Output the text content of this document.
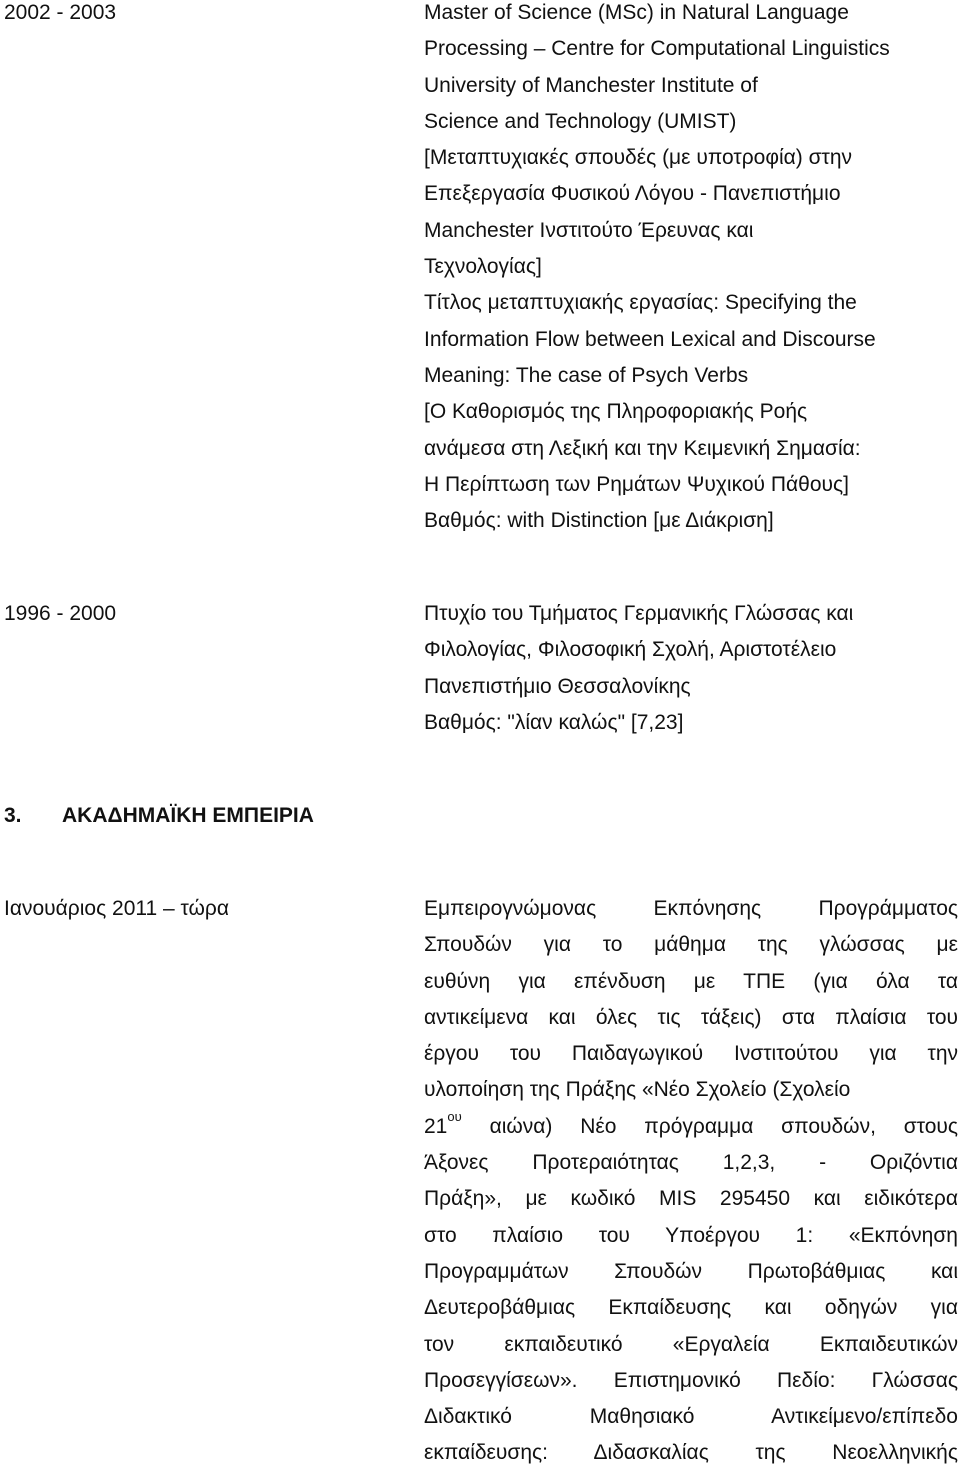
2002 - 2003	Master of Science (MSc) in Natural Language
Processing – Centre for Computational Linguistics
University of Manchester Institute of
Science and Technology (UMIST)
[Μεταπτυχιακές σπουδές (με υποτροφία) στην
Επεξεργασία Φυσικού Λόγου - Πανεπιστήμιο
Manchester Ινστιτούτο Έρευνας και
Τεχνολογίας]
Τίτλος μεταπτυχιακής εργασίας: Specifying the
Information Flow between Lexical and Discourse
Meaning: The case of Psych Verbs
[Ο Καθορισμός της Πληροφοριακής Ροής
ανάμεσα στη Λεξική και την Κειμενική Σημασία:
Η Περίπτωση των Ρημάτων Ψυχικού Πάθους]
Βαθμός: with Distinction [με Διάκριση]
1996 - 2000	Πτυχίο του Τμήματος Γερμανικής Γλώσσας και
Φιλολογίας, Φιλοσοφική Σχολή, Αριστοτέλειο
Πανεπιστήμιο Θεσσαλονίκης
Βαθμός: "λίαν καλώς" [7,23]
3. ΑΚΑΔΗΜΑΪΚΗ ΕΜΠΕΙΡΙΑ
Ιανουάριος 2011 – τώρα	Εμπειρογνώμονας Εκπόνησης Προγράμματος
Σπουδών για το μάθημα της γλώσσας με
ευθύνη για επένδυση με ΤΠΕ (για όλα τα
αντικείμενα και όλες τις τάξεις) στα πλαίσια του
έργου του Παιδαγωγικού Ινστιτούτου για την
υλοποίηση της Πράξης «Νέο Σχολείο (Σχολείο
$21^{o\upsilon}$ αιώνα) Νέο πρόγραμμα σπουδών, στους
Άξονες Προτεραιότητας 1,2,3, - Οριζόντια
Πράξη», με κωδικό MIS 295450 και ειδικότερα
στο πλαίσιο του Υποέργου 1: «Εκπόνηση
Προγραμμάτων Σπουδών Πρωτοβάθμιας και
Δευτεροβάθμιας Εκπαίδευσης και οδηγών για
τον εκπαιδευτικό «Εργαλεία Εκπαιδευτικών
Προσεγγίσεων». Επιστημονικό Πεδίο: Γλώσσας
Διδακτικό Μαθησιακό Αντικείμενο/επίπεδο
εκπαίδευσης: Διδασκαλίας της Νεοελληνικής
